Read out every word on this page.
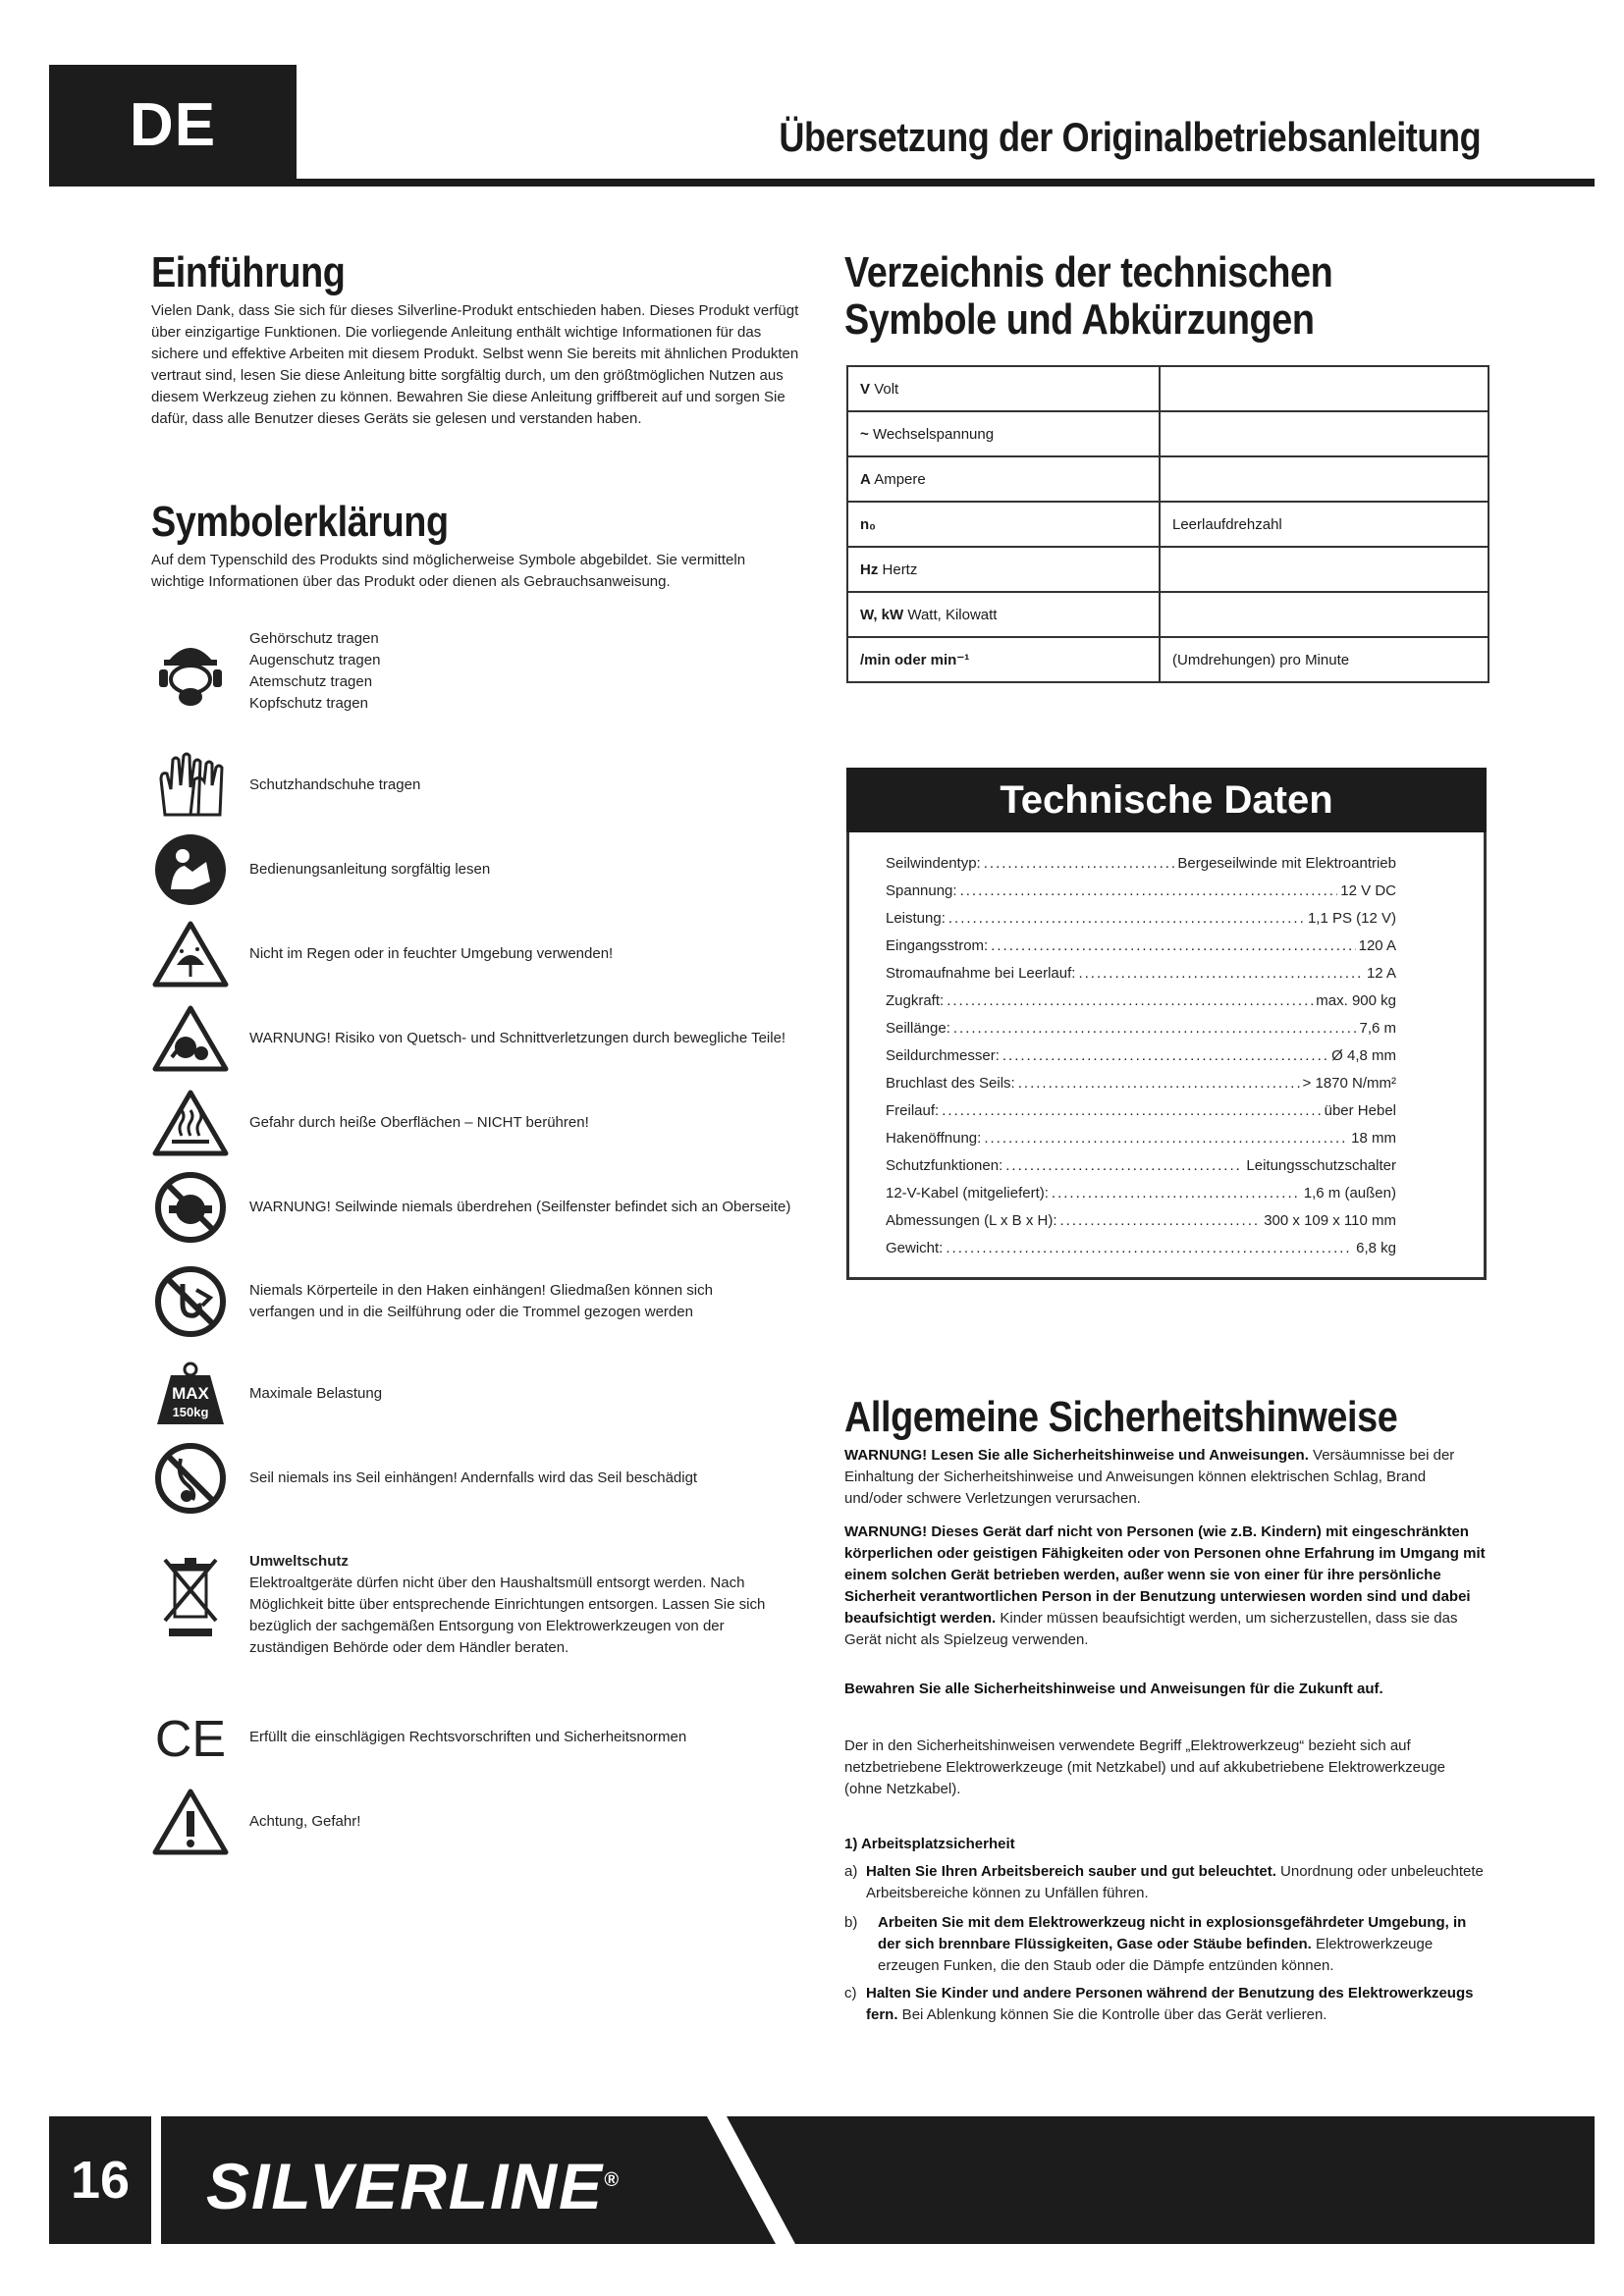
DE	Übersetzung der Originalbetriebsanleitung
Einführung
Vielen Dank, dass Sie sich für dieses Silverline-Produkt entschieden haben. Dieses Produkt verfügt über einzigartige Funktionen. Die vorliegende Anleitung enthält wichtige Informationen für das sichere und effektive Arbeiten mit diesem Produkt. Selbst wenn Sie bereits mit ähnlichen Produkten vertraut sind, lesen Sie diese Anleitung bitte sorgfältig durch, um den größtmöglichen Nutzen aus diesem Werkzeug ziehen zu können. Bewahren Sie diese Anleitung griffbereit auf und sorgen Sie dafür, dass alle Benutzer dieses Geräts sie gelesen und verstanden haben.
Symbolerklärung
Auf dem Typenschild des Produkts sind möglicherweise Symbole abgebildet. Sie vermitteln wichtige Informationen über das Produkt oder dienen als Gebrauchsanweisung.
Gehörschutz tragen
Augenschutz tragen
Atemschutz tragen
Kopfschutz tragen
Schutzhandschuhe tragen
Bedienungsanleitung sorgfältig lesen
Nicht im Regen oder in feuchter Umgebung verwenden!
WARNUNG! Risiko von Quetsch- und Schnittverletzungen durch bewegliche Teile!
Gefahr durch heiße Oberflächen – NICHT berühren!
WARNUNG! Seilwinde niemals überdrehen (Seilfenster befindet sich an Oberseite)
Niemals Körperteile in den Haken einhängen! Gliedmaßen können sich verfangen und in die Seilführung oder die Trommel gezogen werden
MAX
150kg
Maximale Belastung
Seil niemals ins Seil einhängen! Andernfalls wird das Seil beschädigt
Umweltschutz
Elektroaltgeräte dürfen nicht über den Haushaltsmüll entsorgt werden. Nach Möglichkeit bitte über entsprechende Einrichtungen entsorgen. Lassen Sie sich bezüglich der sachgemäßen Entsorgung von Elektrowerkzeugen von der zuständigen Behörde oder dem Händler beraten.
CE Erfüllt die einschlägigen Rechtsvorschriften und Sicherheitsnormen
Achtung, Gefahr!
Verzeichnis der technischen Symbole und Abkürzungen
V Volt	
~ Wechselspannung	
A Ampere	
n₀	Leerlaufdrehzahl
Hz Hertz	
W, kW Watt, Kilowatt	
/min oder min⁻¹	(Umdrehungen) pro Minute
Technische Daten
Seilwindentyp: .....	Bergeseilwinde mit Elektroantrieb
Spannung: .....	12 V DC
Leistung: .....	1,1 PS (12 V)
Eingangsstrom: .....	120 A
Stromaufnahme bei Leerlauf: .....	12 A
Zugkraft: .....	max. 900 kg
Seillänge: .....	7,6 m
Seildurchmesser: .....	Ø 4,8 mm
Bruchlast des Seils: .....	> 1870 N/mm²
Freilauf: .....	über Hebel
Hakenöffnung: .....	18 mm
Schutzfunktionen: .....	Leitungsschutzschalter
12-V-Kabel (mitgeliefert): .....	1,6 m (außen)
Abmessungen (L x B x H): .....	300 x 109 x 110 mm
Gewicht: .....	6,8 kg
Allgemeine Sicherheitshinweise
WARNUNG! Lesen Sie alle Sicherheitshinweise und Anweisungen. Versäumnisse bei der Einhaltung der Sicherheitshinweise und Anweisungen können elektrischen Schlag, Brand und/oder schwere Verletzungen verursachen.
WARNUNG! Dieses Gerät darf nicht von Personen (wie z.B. Kindern) mit eingeschränkten körperlichen oder geistigen Fähigkeiten oder von Personen ohne Erfahrung im Umgang mit einem solchen Gerät betrieben werden, außer wenn sie von einer für ihre persönliche Sicherheit verantwortlichen Person in der Benutzung unterwiesen worden sind und dabei beaufsichtigt werden. Kinder müssen beaufsichtigt werden, um sicherzustellen, dass sie das Gerät nicht als Spielzeug verwenden.
Bewahren Sie alle Sicherheitshinweise und Anweisungen für die Zukunft auf.
Der in den Sicherheitshinweisen verwendete Begriff „Elektrowerkzeug“ bezieht sich auf netzbetriebene Elektrowerkzeuge (mit Netzkabel) und auf akkubetriebene Elektrowerkzeuge (ohne Netzkabel).
1) Arbeitsplatzsicherheit
a) Halten Sie Ihren Arbeitsbereich sauber und gut beleuchtet. Unordnung oder unbeleuchtete Arbeitsbereiche können zu Unfällen führen.
b)	Arbeiten Sie mit dem Elektrowerkzeug nicht in explosionsgefährdeter Umgebung, in der sich brennbare Flüssigkeiten, Gase oder Stäube befinden. Elektrowerkzeuge erzeugen Funken, die den Staub oder die Dämpfe entzünden können.
c) Halten Sie Kinder und andere Personen während der Benutzung des Elektrowerkzeugs fern. Bei Ablenkung können Sie die Kontrolle über das Gerät verlieren.
16	SILVERLINE®
